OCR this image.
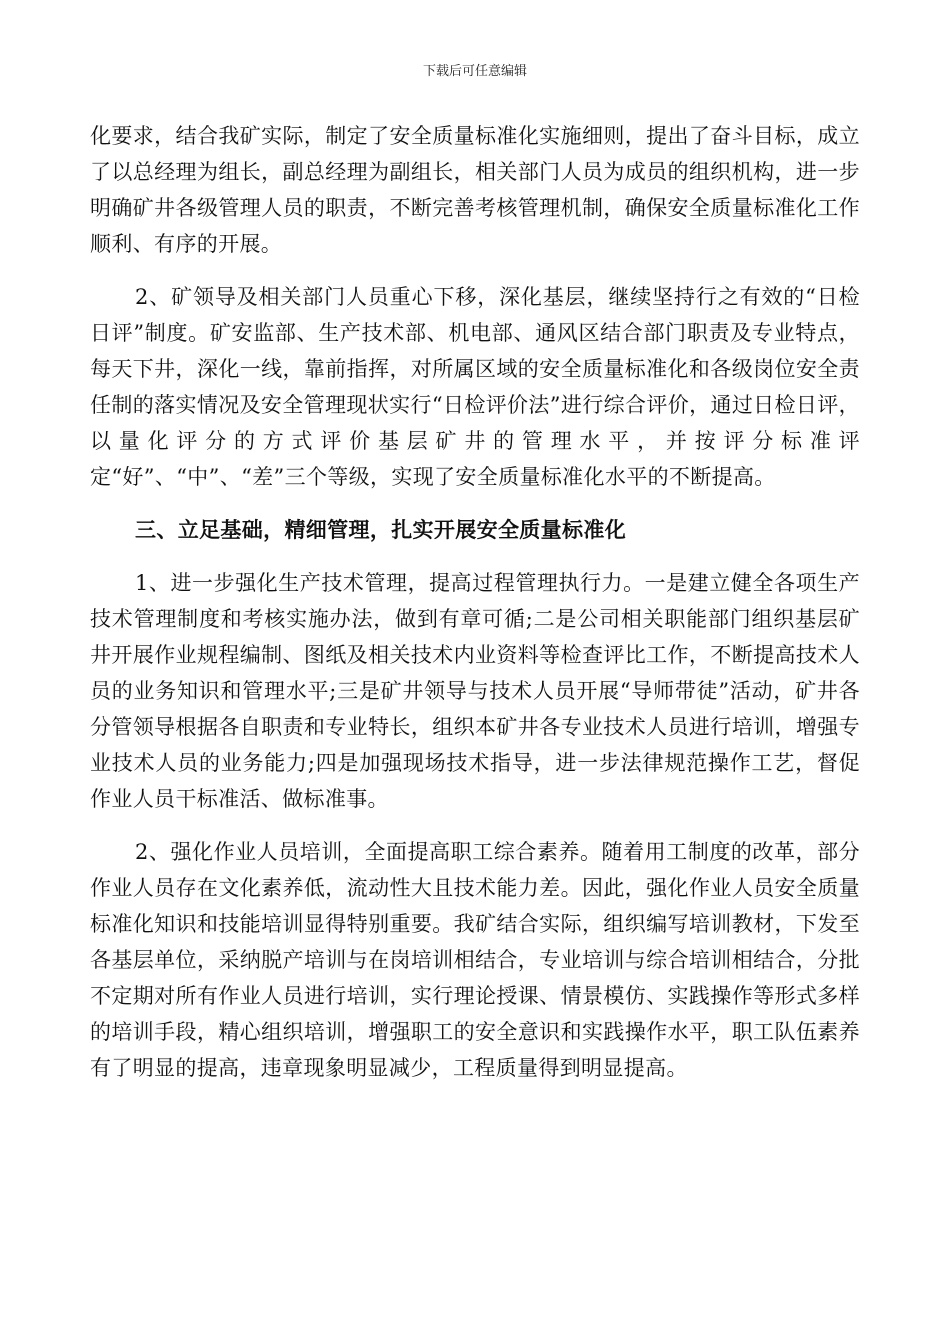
下载后可任意编辑

化要求，结合我矿实际，制定了安全质量标准化实施细则，提出了奋斗目标，成立了以总经理为组长，副总经理为副组长，相关部门人员为成员的组织机构，进一步明确矿井各级管理人员的职责，不断完善考核管理机制，确保安全质量标准化工作顺利、有序的开展。

2、矿领导及相关部门人员重心下移，深化基层，继续坚持行之有效的“日检日评”制度。矿安监部、生产技术部、机电部、通风区结合部门职责及专业特点，每天下井，深化一线，靠前指挥，对所属区域的安全质量标准化和各级岗位安全责任制的落实情况及安全管理现状实行“日检评价法”进行综合评价，通过日检日评，以量化评分的方式评价基层矿井的管理水平，并按评分标准评定“好”、“中”、“差”三个等级，实现了安全质量标准化水平的不断提高。

三、立足基础，精细管理，扎实开展安全质量标准化

1、进一步强化生产技术管理，提高过程管理执行力。一是建立健全各项生产技术管理制度和考核实施办法，做到有章可循;二是公司相关职能部门组织基层矿井开展作业规程编制、图纸及相关技术内业资料等检查评比工作，不断提高技术人员的业务知识和管理水平;三是矿井领导与技术人员开展“导师带徒”活动，矿井各分管领导根据各自职责和专业特长，组织本矿井各专业技术人员进行培训，增强专业技术人员的业务能力;四是加强现场技术指导，进一步法律规范操作工艺，督促作业人员干标准活、做标准事。

2、强化作业人员培训，全面提高职工综合素养。随着用工制度的改革，部分作业人员存在文化素养低，流动性大且技术能力差。因此，强化作业人员安全质量标准化知识和技能培训显得特别重要。我矿结合实际，组织编写培训教材，下发至各基层单位，采纳脱产培训与在岗培训相结合，专业培训与综合培训相结合，分批不定期对所有作业人员进行培训，实行理论授课、情景模仿、实践操作等形式多样的培训手段，精心组织培训，增强职工的安全意识和实践操作水平，职工队伍素养有了明显的提高，违章现象明显减少，工程质量得到明显提高。
